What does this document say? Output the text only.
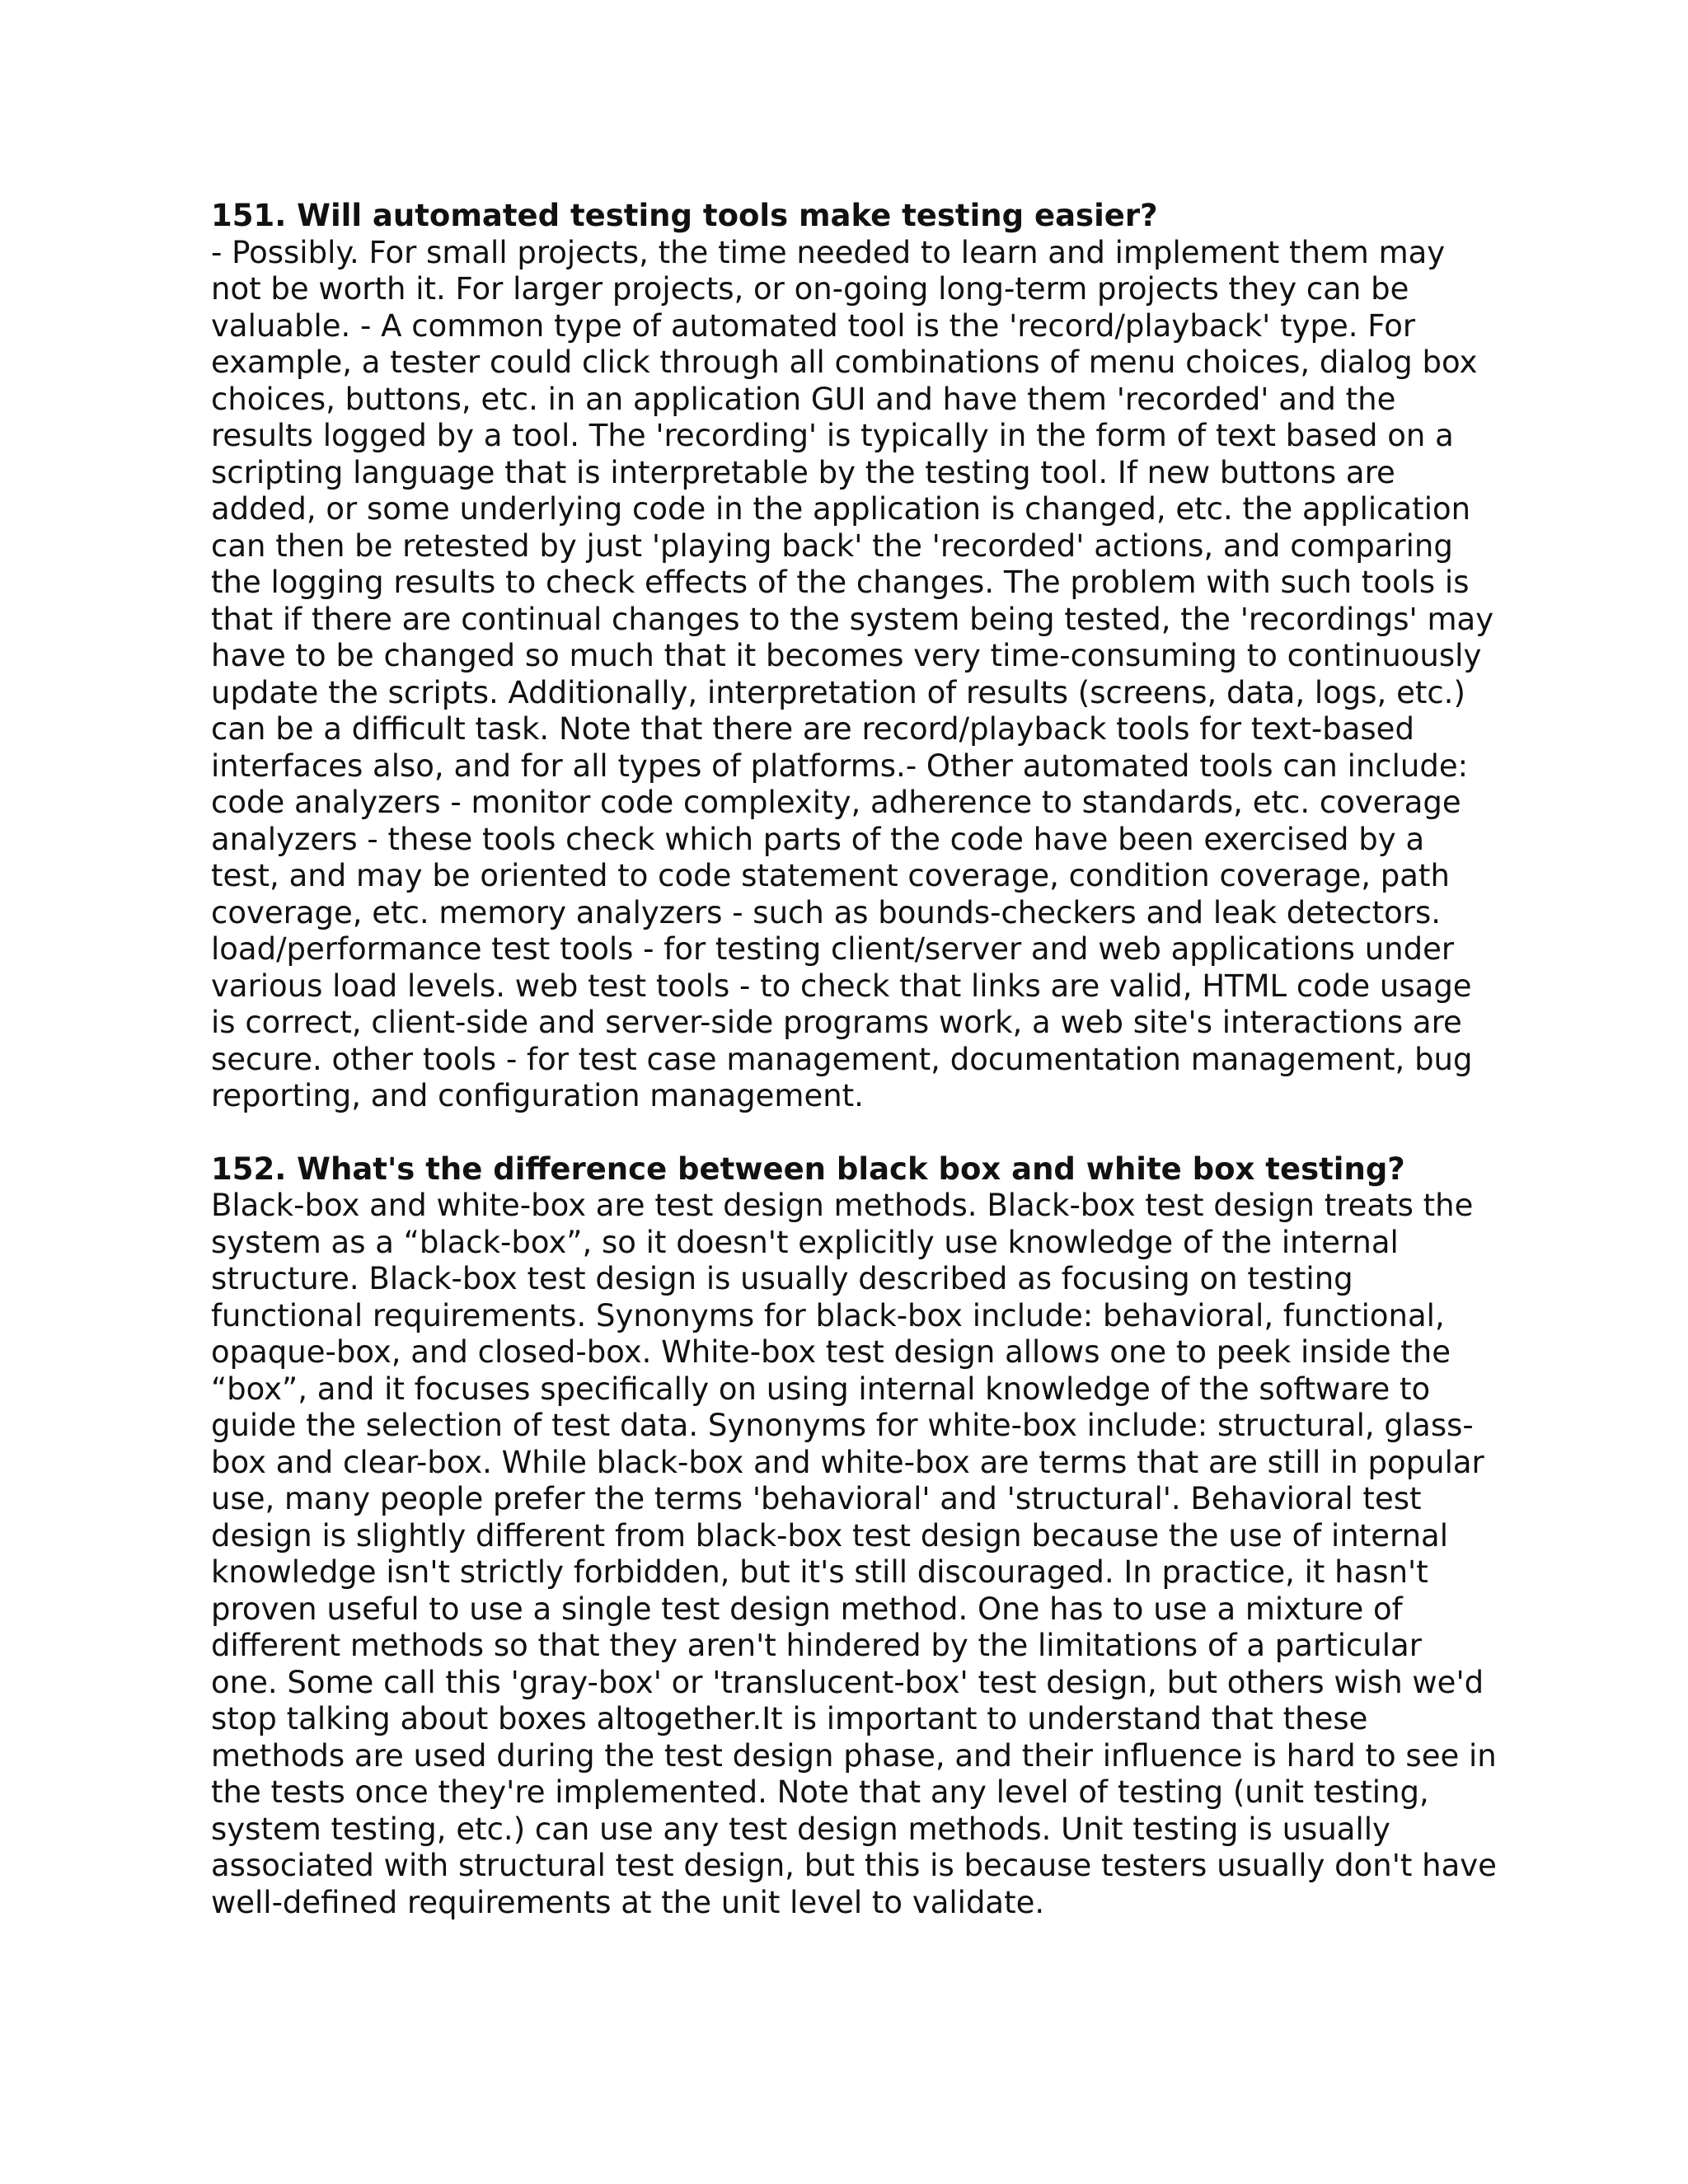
151. Will automated testing tools make testing easier?

- Possibly. For small projects, the time needed to learn and implement them may not be worth it. For larger projects, or on-going long-term projects they can be valuable. - A common type of automated tool is the 'record/playback' type. For example, a tester could click through all combinations of menu choices, dialog box choices, buttons, etc. in an application GUI and have them 'recorded' and the results logged by a tool. The 'recording' is typically in the form of text based on a scripting language that is interpretable by the testing tool. If new buttons are added, or some underlying code in the application is changed, etc. the application can then be retested by just 'playing back' the 'recorded' actions, and comparing the logging results to check effects of the changes. The problem with such tools is that if there are continual changes to the system being tested, the 'recordings' may have to be changed so much that it becomes very time-consuming to continuously update the scripts. Additionally, interpretation of results (screens, data, logs, etc.) can be a difficult task. Note that there are record/playback tools for text-based interfaces also, and for all types of platforms.- Other automated tools can include: code analyzers - monitor code complexity, adherence to standards, etc. coverage analyzers - these tools check which parts of the code have been exercised by a test, and may be oriented to code statement coverage, condition coverage, path coverage, etc. memory analyzers - such as bounds-checkers and leak detectors. load/performance test tools - for testing client/server and web applications under various load levels. web test tools - to check that links are valid, HTML code usage is correct, client-side and server-side programs work, a web site's interactions are secure. other tools - for test case management, documentation management, bug reporting, and configuration management.

152. What's the difference between black box and white box testing?

Black-box and white-box are test design methods. Black-box test design treats the system as a “black-box”, so it doesn't explicitly use knowledge of the internal structure. Black-box test design is usually described as focusing on testing functional requirements. Synonyms for black-box include: behavioral, functional, opaque-box, and closed-box. White-box test design allows one to peek inside the “box”, and it focuses specifically on using internal knowledge of the software to guide the selection of test data. Synonyms for white-box include: structural, glass-box and clear-box. While black-box and white-box are terms that are still in popular use, many people prefer the terms 'behavioral' and 'structural'. Behavioral test design is slightly different from black-box test design because the use of internal knowledge isn't strictly forbidden, but it's still discouraged. In practice, it hasn't proven useful to use a single test design method. One has to use a mixture of different methods so that they aren't hindered by the limitations of a particular one. Some call this 'gray-box' or 'translucent-box' test design, but others wish we'd stop talking about boxes altogether.It is important to understand that these methods are used during the test design phase, and their influence is hard to see in the tests once they're implemented. Note that any level of testing (unit testing, system testing, etc.) can use any test design methods. Unit testing is usually associated with structural test design, but this is because testers usually don't have well-defined requirements at the unit level to validate.
